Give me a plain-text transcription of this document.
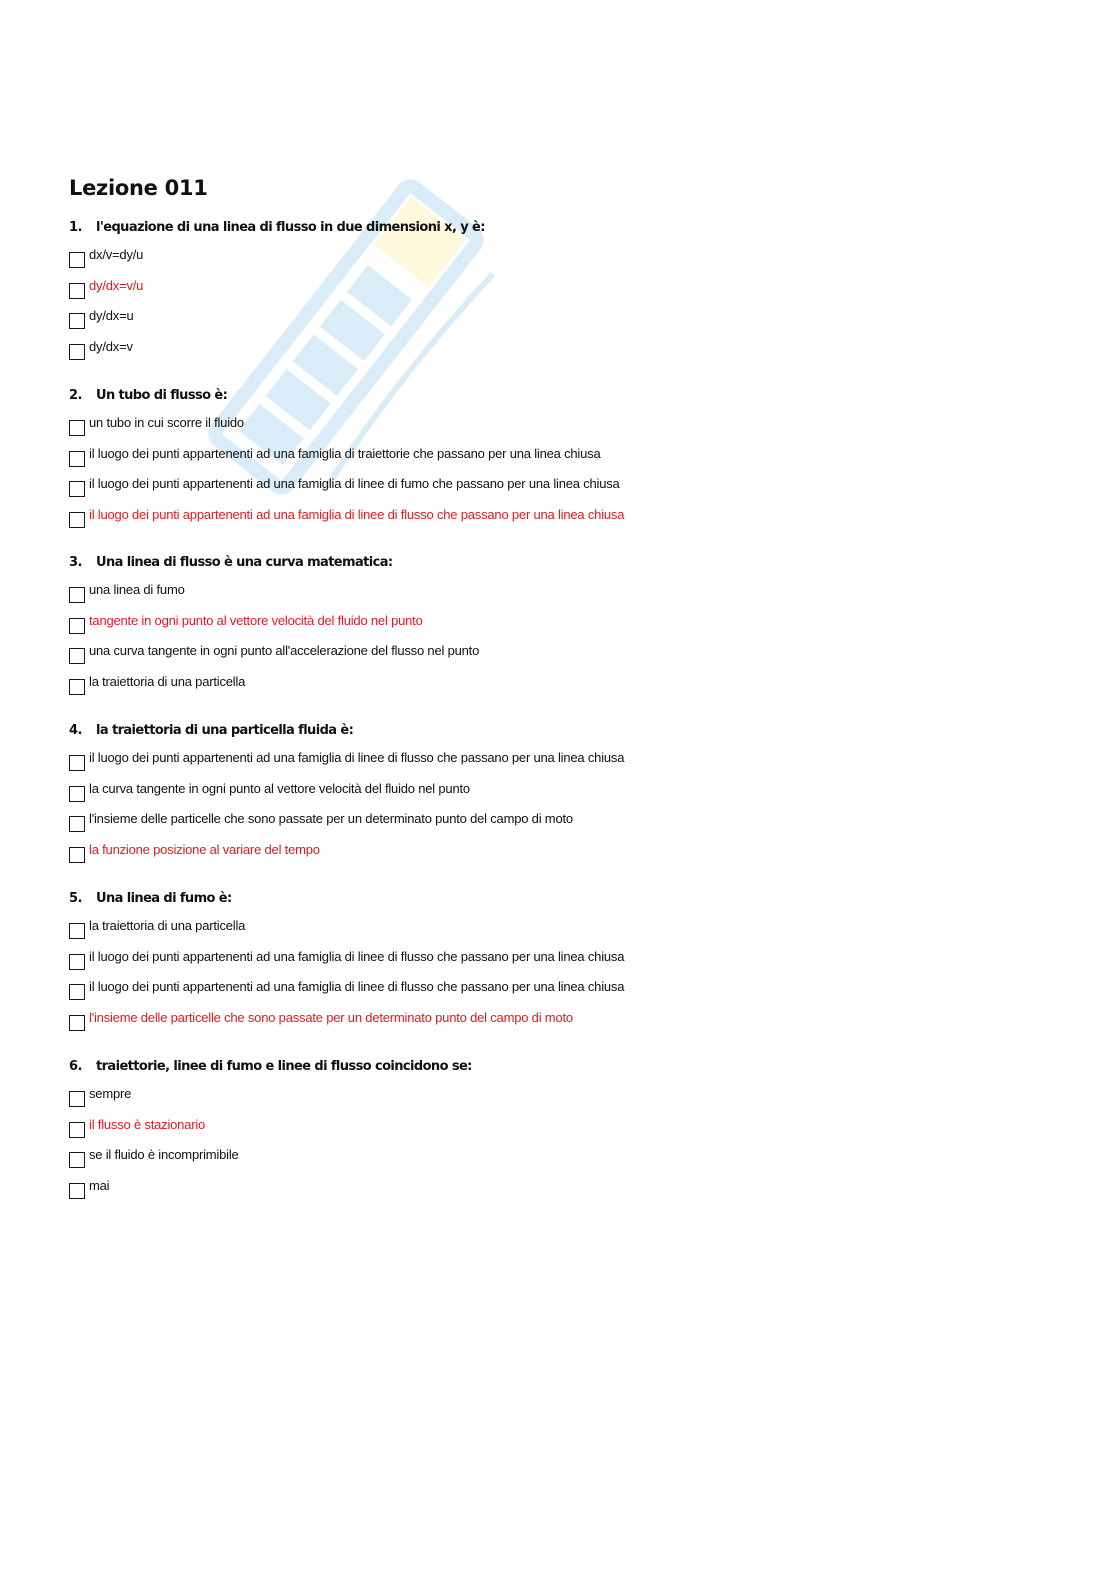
Lezione 011
1. l'equazione di una linea di flusso in due dimensioni x, y è:
dx/v=dy/u
dy/dx=v/u
dy/dx=u
dy/dx=v
2. Un tubo di flusso è:
un tubo in cui scorre il fluido
il luogo dei punti appartenenti ad una famiglia di traiettorie che passano per una linea chiusa
il luogo dei punti appartenenti ad una famiglia di linee di fumo che passano per una linea chiusa
il luogo dei punti appartenenti ad una famiglia di linee di flusso che passano per una linea chiusa
3. Una linea di flusso è una curva matematica:
una linea di fumo
tangente in ogni punto al vettore velocità del fluido nel punto
una curva tangente in ogni punto all'accelerazione del flusso nel punto
la traiettoria di una particella
4. la traiettoria di una particella fluida è:
il luogo dei punti appartenenti ad una famiglia di linee di flusso che passano per una linea chiusa
la curva tangente in ogni punto al vettore velocità del fluido nel punto
l'insieme delle particelle che sono passate per un determinato punto del campo di moto
la funzione posizione al variare del tempo
5. Una linea di fumo è:
la traiettoria di una particella
il luogo dei punti appartenenti ad una famiglia di linee di flusso che passano per una linea chiusa
il luogo dei punti appartenenti ad una famiglia di linee di flusso che passano per una linea chiusa
l'insieme delle particelle che sono passate per un determinato punto del campo di moto
6. traiettorie, linee di fumo e linee di flusso coincidono se:
sempre
il flusso è stazionario
se il fluido è incomprimibile
mai
